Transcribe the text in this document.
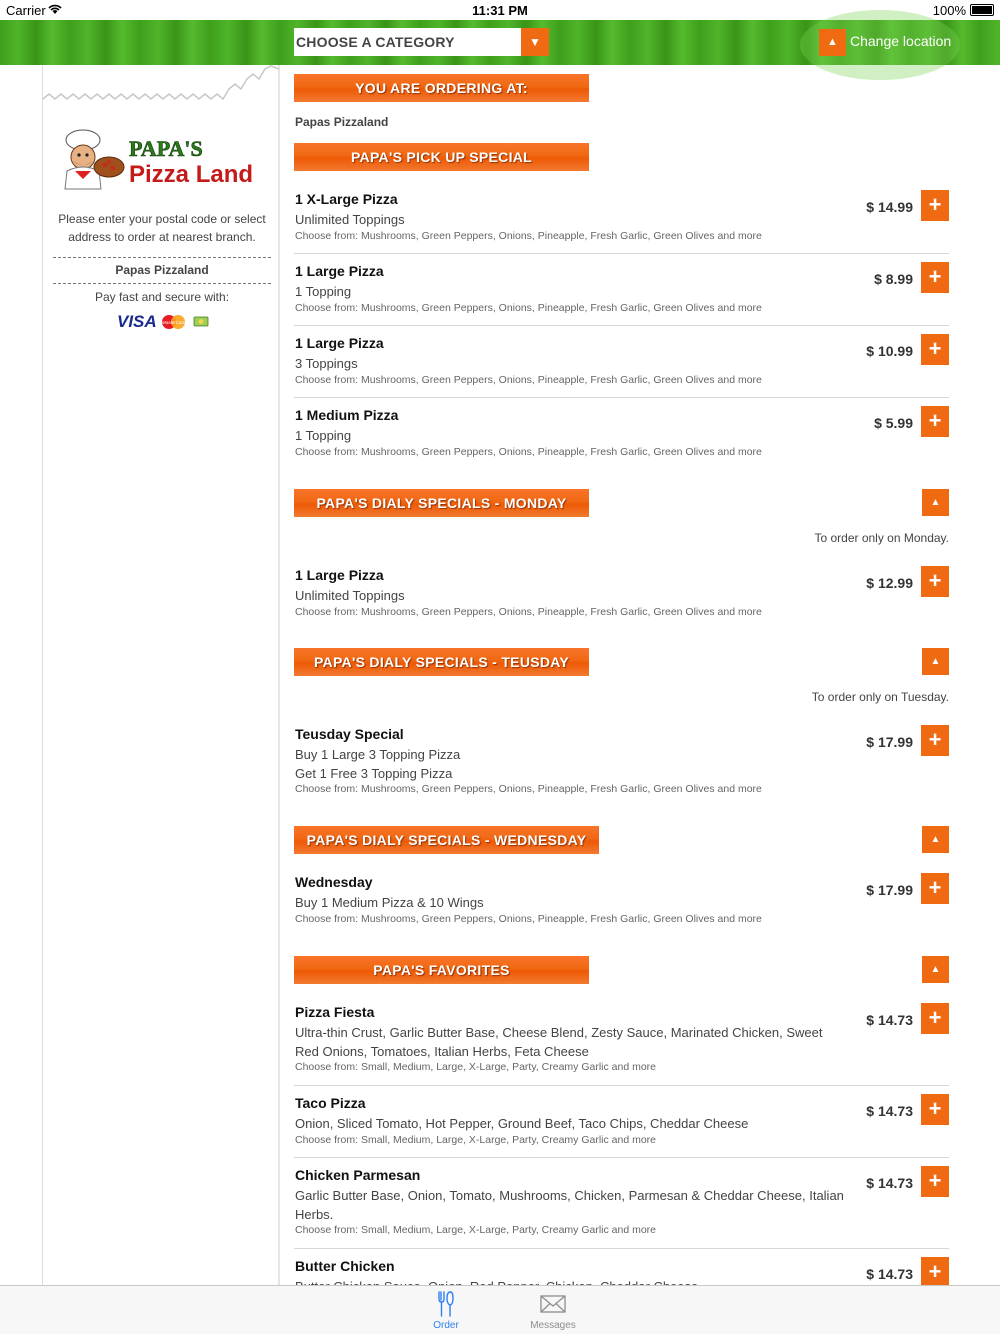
Carrier	11:31 PM	100%
CHOOSE A CATEGORY	▼	▲ Change location
PAPA'S
Pizza Land
Please enter your postal code or select address to order at nearest branch.
Papas Pizzaland
Pay fast and secure with:
VISA MasterCard
YOU ARE ORDERING AT:
Papas Pizzaland
PAPA'S PICK UP SPECIAL
1 X-Large Pizza
Unlimited Toppings
Choose from: Mushrooms, Green Peppers, Onions, Pineapple, Fresh Garlic, Green Olives and more
$ 14.99 +
1 Large Pizza
1 Topping
Choose from: Mushrooms, Green Peppers, Onions, Pineapple, Fresh Garlic, Green Olives and more
$ 8.99 +
1 Large Pizza
3 Toppings
Choose from: Mushrooms, Green Peppers, Onions, Pineapple, Fresh Garlic, Green Olives and more
$ 10.99 +
1 Medium Pizza
1 Topping
Choose from: Mushrooms, Green Peppers, Onions, Pineapple, Fresh Garlic, Green Olives and more
$ 5.99 +
PAPA'S DIALY SPECIALS - MONDAY	▲
To order only on Monday.
1 Large Pizza
Unlimited Toppings
Choose from: Mushrooms, Green Peppers, Onions, Pineapple, Fresh Garlic, Green Olives and more
$ 12.99 +
PAPA'S DIALY SPECIALS - TEUSDAY	▲
To order only on Tuesday.
Teusday Special
Buy 1 Large 3 Topping Pizza
Get 1 Free 3 Topping Pizza
Choose from: Mushrooms, Green Peppers, Onions, Pineapple, Fresh Garlic, Green Olives and more
$ 17.99 +
PAPA'S DIALY SPECIALS - WEDNESDAY	▲
Wednesday
Buy 1 Medium Pizza & 10 Wings
Choose from: Mushrooms, Green Peppers, Onions, Pineapple, Fresh Garlic, Green Olives and more
$ 17.99 +
PAPA'S FAVORITES	▲
Pizza Fiesta
Ultra-thin Crust, Garlic Butter Base, Cheese Blend, Zesty Sauce, Marinated Chicken, Sweet Red Onions, Tomatoes, Italian Herbs, Feta Cheese
Choose from: Small, Medium, Large, X-Large, Party, Creamy Garlic and more
$ 14.73 +
Taco Pizza
Onion, Sliced Tomato, Hot Pepper, Ground Beef, Taco Chips, Cheddar Cheese
Choose from: Small, Medium, Large, X-Large, Party, Creamy Garlic and more
$ 14.73 +
Chicken Parmesan
Garlic Butter Base, Onion, Tomato, Mushrooms, Chicken, Parmesan & Cheddar Cheese, Italian Herbs.
Choose from: Small, Medium, Large, X-Large, Party, Creamy Garlic and more
$ 14.73 +
Butter Chicken	$ 14.73 +
Order	Messages
